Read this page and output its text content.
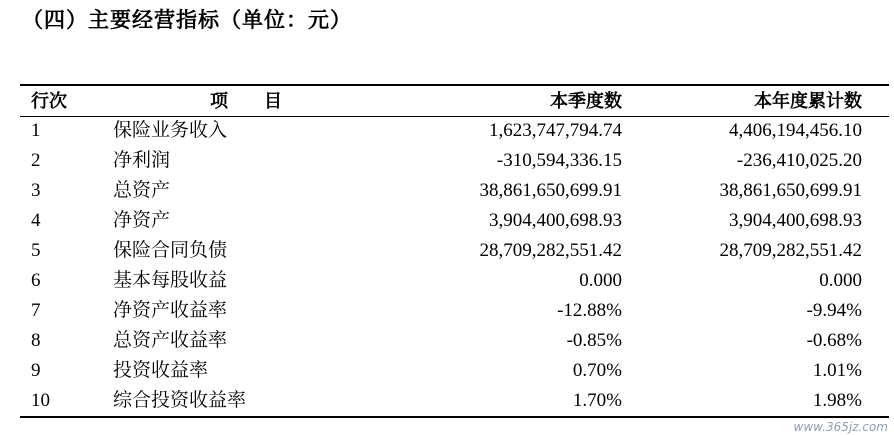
（四）主要经营指标（单位：元）
行次	项　　目	本季度数	本年度累计数
1	保险业务收入	1,623,747,794.74	4,406,194,456.10
2	净利润	-310,594,336.15	-236,410,025.20
3	总资产	38,861,650,699.91	38,861,650,699.91
4	净资产	3,904,400,698.93	3,904,400,698.93
5	保险合同负债	28,709,282,551.42	28,709,282,551.42
6	基本每股收益	0.000	0.000
7	净资产收益率	-12.88%	-9.94%
8	总资产收益率	-0.85%	-0.68%
9	投资收益率	0.70%	1.01%
10	综合投资收益率	1.70%	1.98%
www.365jz.com
